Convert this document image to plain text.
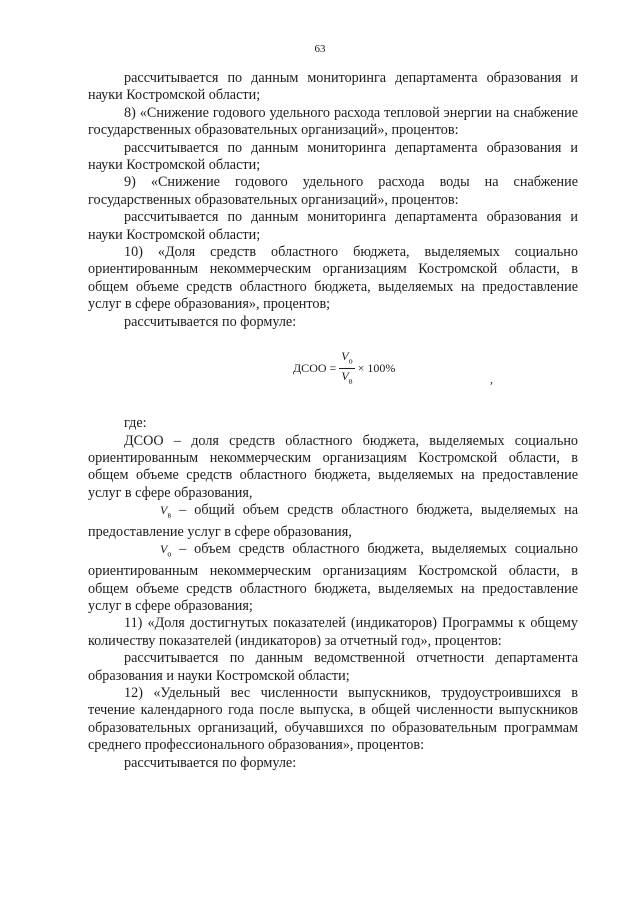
63

рассчитывается по данным мониторинга департамента образования и науки Костромской области;

8) «Снижение годового удельного расхода тепловой энергии на снабжение государственных образовательных организаций», процентов:

рассчитывается по данным мониторинга департамента образования и науки Костромской области;

9) «Снижение годового удельного расхода воды на снабжение государственных образовательных организаций», процентов:

рассчитывается по данным мониторинга департамента образования и науки Костромской области;

10) «Доля средств областного бюджета, выделяемых социально ориентированным некоммерческим организациям Костромской области, в общем объеме средств областного бюджета, выделяемых на предоставление услуг в сфере образования», процентов;

рассчитывается по формуле:

ДСОО = $\frac{V_o}{V_в} \times 100\%$
,

где:

ДСОО – доля средств областного бюджета, выделяемых социально ориентированным некоммерческим организациям Костромской области, в общем объеме средств областного бюджета, выделяемых на предоставление услуг в сфере образования,

$V_в$ – общий объем средств областного бюджета, выделяемых на предоставление услуг в сфере образования,

$V_o$ – объем средств областного бюджета, выделяемых социально ориентированным некоммерческим организациям Костромской области, в общем объеме средств областного бюджета, выделяемых на предоставление услуг в сфере образования;

11) «Доля достигнутых показателей (индикаторов) Программы к общему количеству показателей (индикаторов) за отчетный год», процентов:

рассчитывается по данным ведомственной отчетности департамента образования и науки Костромской области;

12) «Удельный вес численности выпускников, трудоустроившихся в течение календарного года после выпуска, в общей численности выпускников образовательных организаций, обучавшихся по образовательным программам среднего профессионального образования», процентов:

рассчитывается по формуле:
